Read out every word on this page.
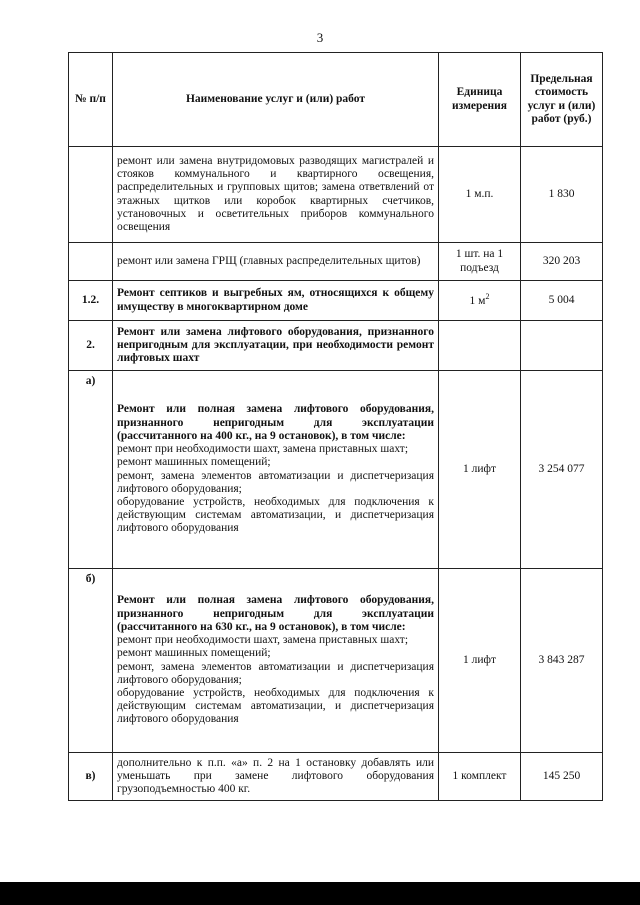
3
№ п/п	Наименование услуг и (или) работ	Единица измерения	Предельная стоимость услуг и (или) работ (руб.)

	ремонт или замена внутридомовых разводящих магистралей и стояков коммунального и квартирного освещения, распределительных и групповых щитов; замена ответвлений от этажных щитков или коробок квартирных счетчиков, установочных и осветительных приборов коммунального освещения	1 м.п.	1 830

	ремонт или замена ГРЩ (главных распределительных щитов)	1 шт. на 1 подъезд	320 203
1.2.	Ремонт септиков и выгребных ям, относящихся к общему имуществу в многоквартирном доме	1 $м^2$	5 004
2.	Ремонт или замена лифтового оборудования, признанного непригодным для эксплуатации, при необходимости ремонт лифтовых шахт		

а)	Ремонт или полная замена лифтового оборудования, признанного непригодным для эксплуатации (рассчитанного на 400 кг., на 9 остановок), в том числе:
ремонт при необходимости шахт, замена приставных шахт;
ремонт машинных помещений;
ремонт, замена элементов автоматизации и диспетчеризация лифтового оборудования;
оборудование устройств, необходимых для подключения к действующим системам автоматизации, и диспетчеризация лифтового оборудования	1 лифт	3 254 077
б)	Ремонт или полная замена лифтового оборудования, признанного непригодным для эксплуатации (рассчитанного на 630 кг., на 9 остановок), в том числе:
ремонт при необходимости шахт, замена приставных шахт;
ремонт машинных помещений;
ремонт, замена элементов автоматизации и диспетчеризация лифтового оборудования;
оборудование устройств, необходимых для подключения к действующим системам автоматизации, и диспетчеризация лифтового оборудования	1 лифт	3 843 287
в)	дополнительно к п.п. «а» п. 2 на 1 остановку добавлять или уменьшать при замене лифтового оборудования грузоподъемностью 400 кг.	1 комплект	145 250
